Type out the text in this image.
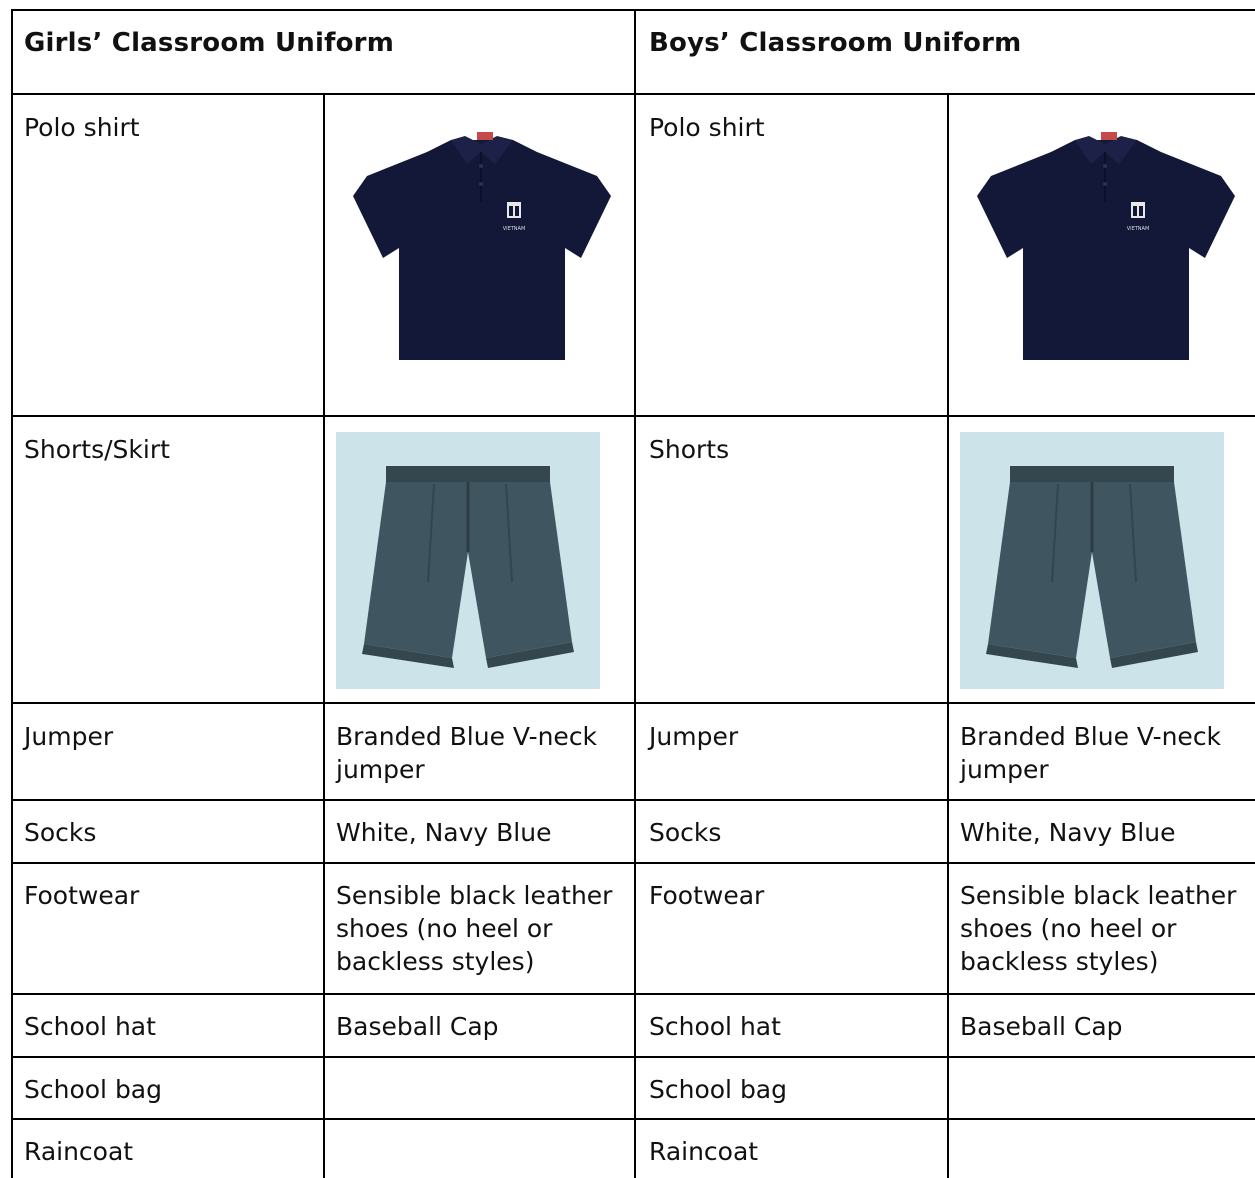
Girls’ Classroom Uniform	Boys’ Classroom Uniform
Polo shirt
Shorts/Skirt
Jumper
Socks
Footwear
School hat
School bag
Raincoat
Branded Blue V-neck jumper
White, Navy Blue
Sensible black leather shoes (no heel or backless styles)
Baseball Cap
Polo shirt
Shorts
Jumper
Socks
Footwear
School hat
School bag
Raincoat
Branded Blue V-neck jumper
White, Navy Blue
Sensible black leather shoes (no heel or backless styles)
Baseball Cap
VIETNAM	VIETNAM
